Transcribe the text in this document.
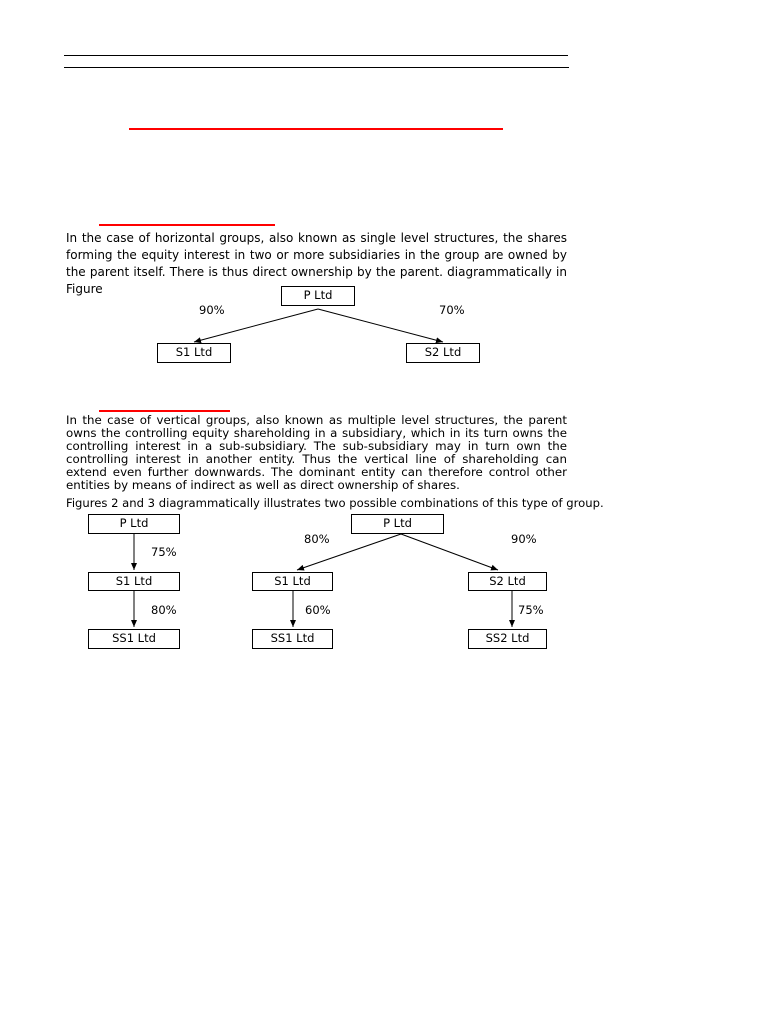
In the case of horizontal groups, also known as single level structures, the shares forming the equity interest in two or more subsidiaries in the group are owned by the parent itself. There is thus direct ownership by the parent. diagrammatically in Figure	P Ltd
S1 Ltd	S2 Ltd
90%	70%
In the case of vertical groups, also known as multiple level structures, the parent owns the controlling equity shareholding in a subsidiary, which in its turn owns the controlling interest in a sub-subsidiary. The sub-subsidiary may in turn own the controlling interest in another entity. Thus the vertical line of shareholding can extend even further downwards. The dominant entity can therefore control other entities by means of indirect as well as direct ownership of shares.
Figures 2 and 3 diagrammatically illustrates two possible combinations of this type of group.
P Ltd
S1 Ltd
SS1 Ltd
75%
80%
P Ltd
S1 Ltd	S2 Ltd
SS1 Ltd	SS2 Ltd
80%	90%
60%	75%
